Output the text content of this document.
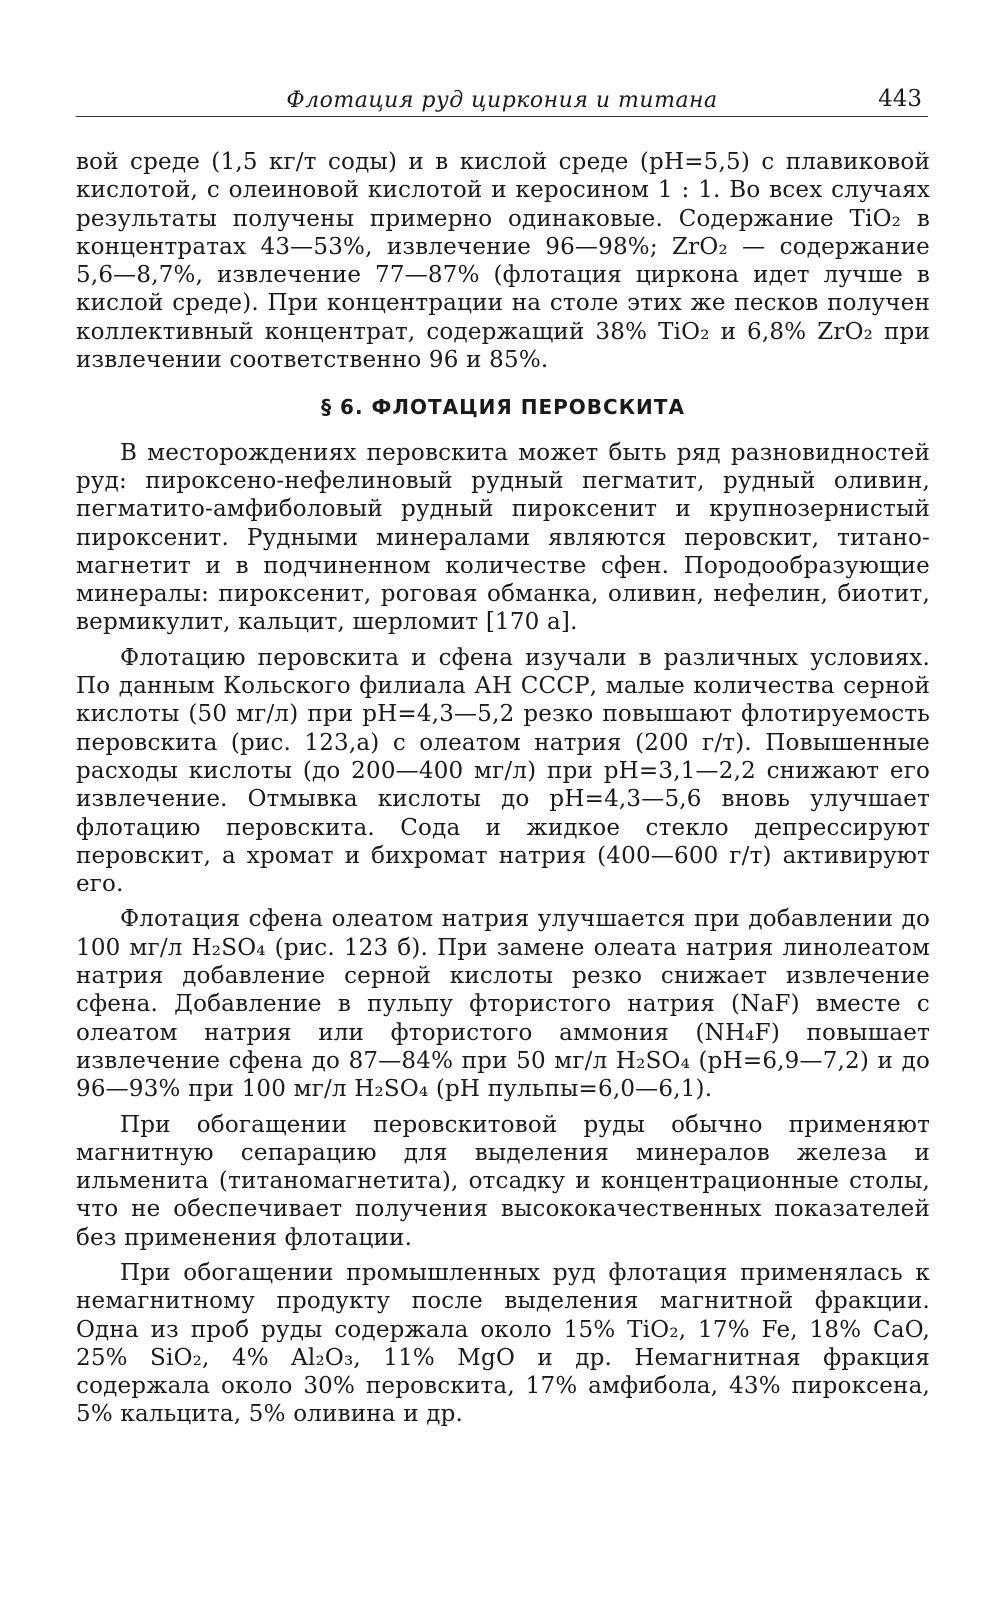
Флотация руд циркония и титана	443

вой среде (1,5 кг/т соды) и в кислой среде (pH=5,5) с плавиковой кислотой, с олеиновой кислотой и керосином 1 : 1. Во всех случаях результаты получены примерно одинаковые. Содержание TiO₂ в концентратах 43—53%, извлечение 96—98%; ZrO₂ — содержание 5,6—8,7%, извлечение 77—87% (флотация циркона идет лучше в кислой среде). При концентрации на столе этих же песков получен коллективный концентрат, содержащий 38% TiO₂ и 6,8% ZrO₂ при извлечении соответственно 96 и 85%.

§ 6. ФЛОТАЦИЯ ПЕРОВСКИТА

В месторождениях перовскита может быть ряд разновидностей руд: пироксено-нефелиновый рудный пегматит, рудный оливин, пегматито-амфиболовый рудный пироксенит и крупнозернистый пироксенит. Рудными минералами являются перовскит, титано-магнетит и в подчиненном количестве сфен. Породообразующие минералы: пироксенит, роговая обманка, оливин, нефелин, биотит, вермикулит, кальцит, шерломит [170 а].

Флотацию перовскита и сфена изучали в различных условиях. По данным Кольского филиала АН СССР, малые количества серной кислоты (50 мг/л) при pH=4,3—5,2 резко повышают флотируемость перовскита (рис. 123,а) с олеатом натрия (200 г/т). Повышенные расходы кислоты (до 200—400 мг/л) при pH=3,1—2,2 снижают его извлечение. Отмывка кислоты до pH=4,3—5,6 вновь улучшает флотацию перовскита. Сода и жидкое стекло депрессируют перовскит, а хромат и бихромат натрия (400—600 г/т) активируют его.

Флотация сфена олеатом натрия улучшается при добавлении до 100 мг/л H₂SO₄ (рис. 123 б). При замене олеата натрия линолеатом натрия добавление серной кислоты резко снижает извлечение сфена. Добавление в пульпу фтористого натрия (NaF) вместе с олеатом натрия или фтористого аммония (NH₄F) повышает извлечение сфена до 87—84% при 50 мг/л H₂SO₄ (pH=6,9—7,2) и до 96—93% при 100 мг/л H₂SO₄ (pH пульпы=6,0—6,1).

При обогащении перовскитовой руды обычно применяют магнитную сепарацию для выделения минералов железа и ильменита (титаномагнетита), отсадку и концентрационные столы, что не обеспечивает получения высококачественных показателей без применения флотации.

При обогащении промышленных руд флотация применялась к немагнитному продукту после выделения магнитной фракции. Одна из проб руды содержала около 15% TiO₂, 17% Fe, 18% CaO, 25% SiO₂, 4% Al₂O₃, 11% MgO и др. Немагнитная фракция содержала около 30% перовскита, 17% амфибола, 43% пироксена, 5% кальцита, 5% оливина и др.
